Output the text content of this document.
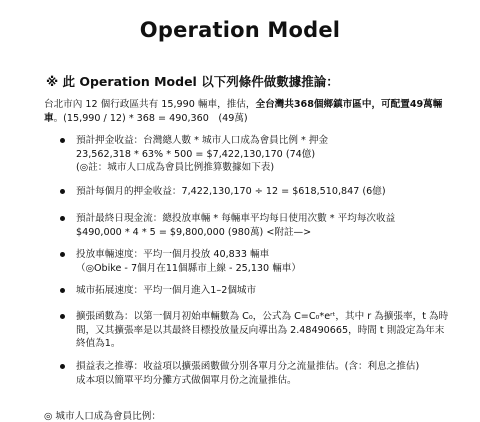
Operation Model
※ 此 Operation Model 以下列條件做數據推論：
台北市內 12 個行政區共有 15,990 輛車，推估，全台灣共368個鄉鎮市區中，可配置49萬輛
車。(15,990 / 12) * 368 = 490,360　(49萬)
預計押金收益：台灣總人數 * 城市人口成為會員比例 * 押金
23,562,318 * 63% * 500 = $7,422,130,170 (74億)
(◎註：城市人口成為會員比例推算數據如下表)
預計每個月的押金收益：7,422,130,170 ÷ 12 = $618,510,847 (6億)
預計最終日現金流：總投放車輛 * 每輛車平均每日使用次數 * 平均每次收益
$490,000 * 4 * 5 = $9,800,000 (980萬) <附註—>
投放車輛速度：平均一個月投放 40,833 輛車
（◎Obike - 7個月在11個縣市上線 - 25,130 輛車）
城市拓展速度：平均一個月進入1–2個城市
擴張函數為：以第一個月初始車輛數為 C₀，公式為 C=C₀*eʳᵗ，其中 r 為擴張率，t 為時
間，又其擴張率是以其最終目標投放量反向導出為 2.48490665，時間 t 則設定為年末
終值為1。
損益表之推導：收益項以擴張函數做分別各單月分之流量推估。(含：利息之推估)
成本項以簡單平均分攤方式做個單月份之流量推估。
◎ 城市人口成為會員比例：
